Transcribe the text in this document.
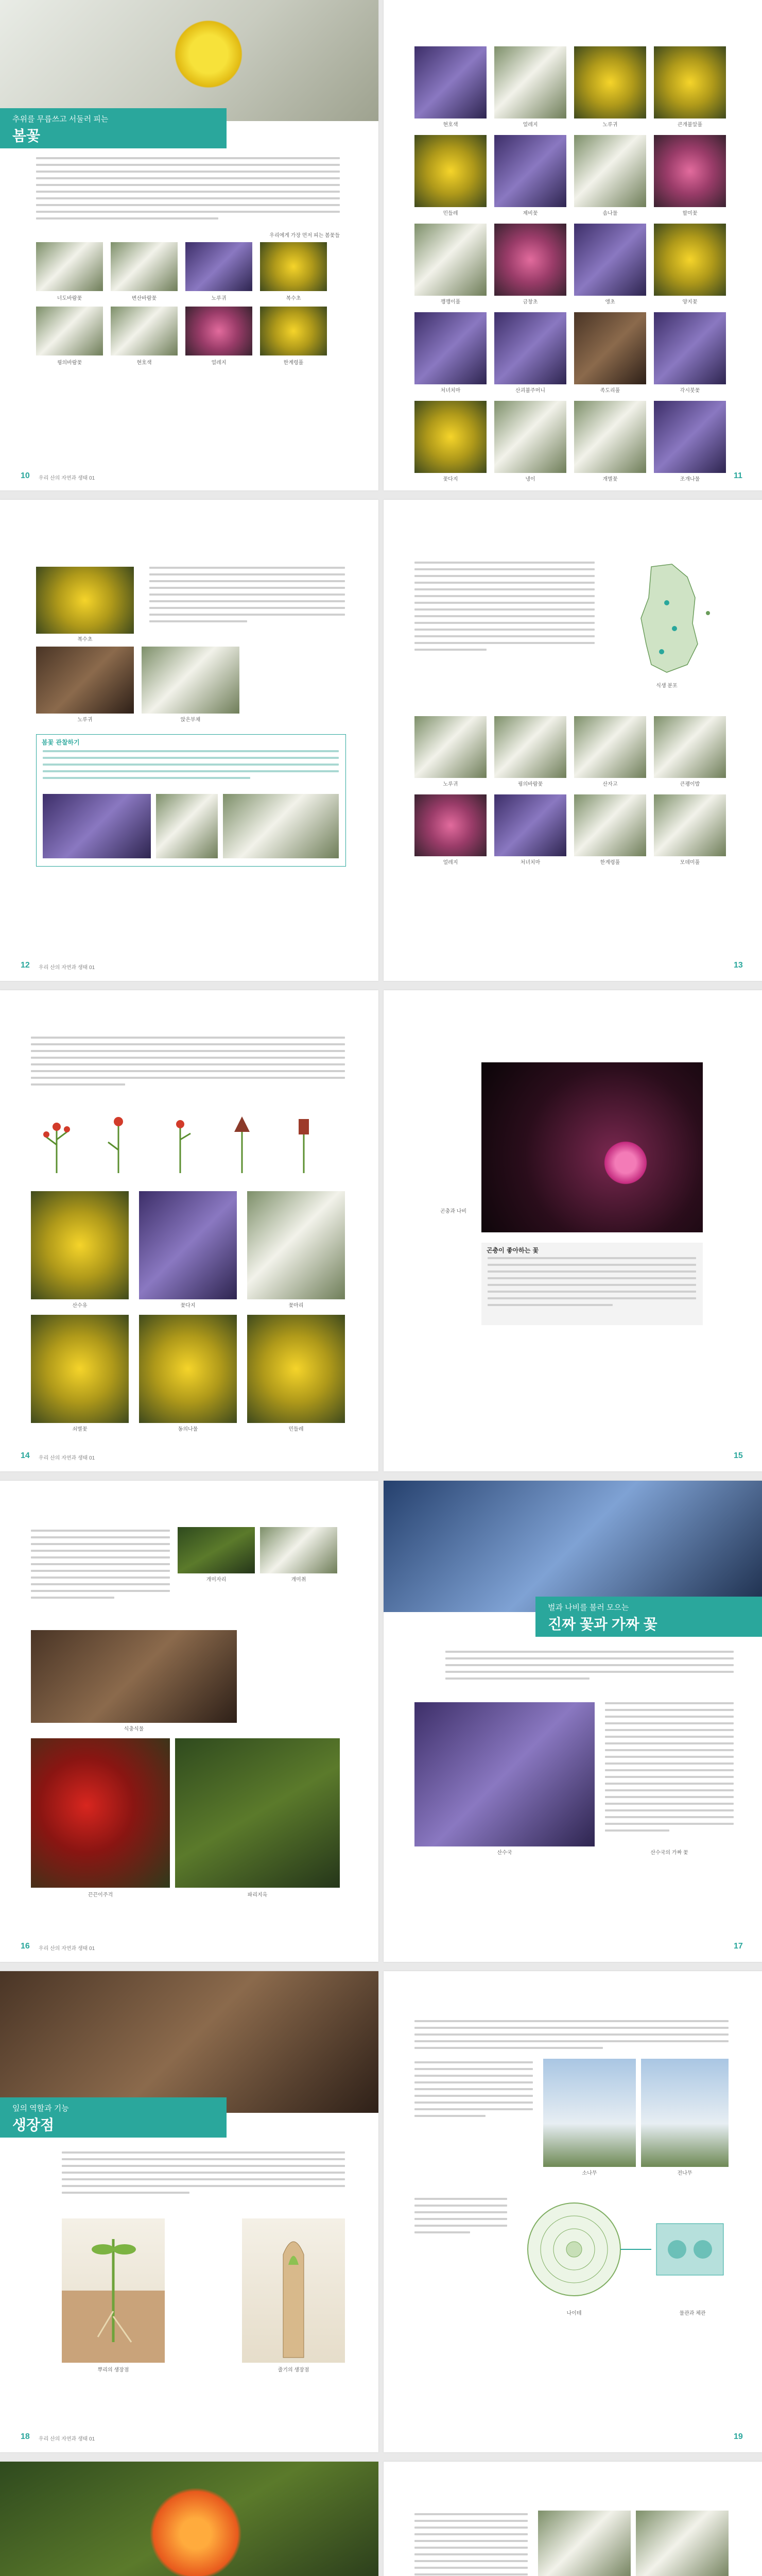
추위를 무릅쓰고 서둘러 피는
봄꽃
우리에게 가장 먼저 피는 봄꽃들
너도바람꽃	변산바람꽃	노루귀	복수초
꿩의바람꽃	현호색	얼레지	한계령풀
10 우리 산의 자연과 생태 01	11
현호색	얼레지	노루귀	큰개불알풀
민들레	제비꽃	솜나물	할미꽃
깽깽이풀	금창초	앵초	양지꽃
처녀치마	산괴불주머니	족도리풀	각시붓꽃
꽃다지	냉이	개별꽃	조개나물
복수초
노루귀	앉은부채
봄꽃 관찰하기
12 우리 산의 자연과 생태 01
식생 분포
13
노루귀	꿩의바람꽃	산자고	큰괭이밥
얼레지	처녀치마	한계령풀	모데미풀
14 우리 산의 자연과 생태 01
산수유	꽃다지	꽃마리
쇠별꽃	동의나물	민들레
곤충과 나비
곤충이 좋아하는 꽃
15
개미자리	개미취
식충식물
끈끈이주걱	파리지옥
16 우리 산의 자연과 생태 01
벌과 나비를 불러 모으는
진짜 꽃과 가짜 꽃
산수국	산수국의 가짜 꽃
17
잎의 역할과 기능
생장점
뿌리의 생장점	줄기의 생장점
18 우리 산의 자연과 생태 01
소나무	전나무
나이테	물관과 체관
19
